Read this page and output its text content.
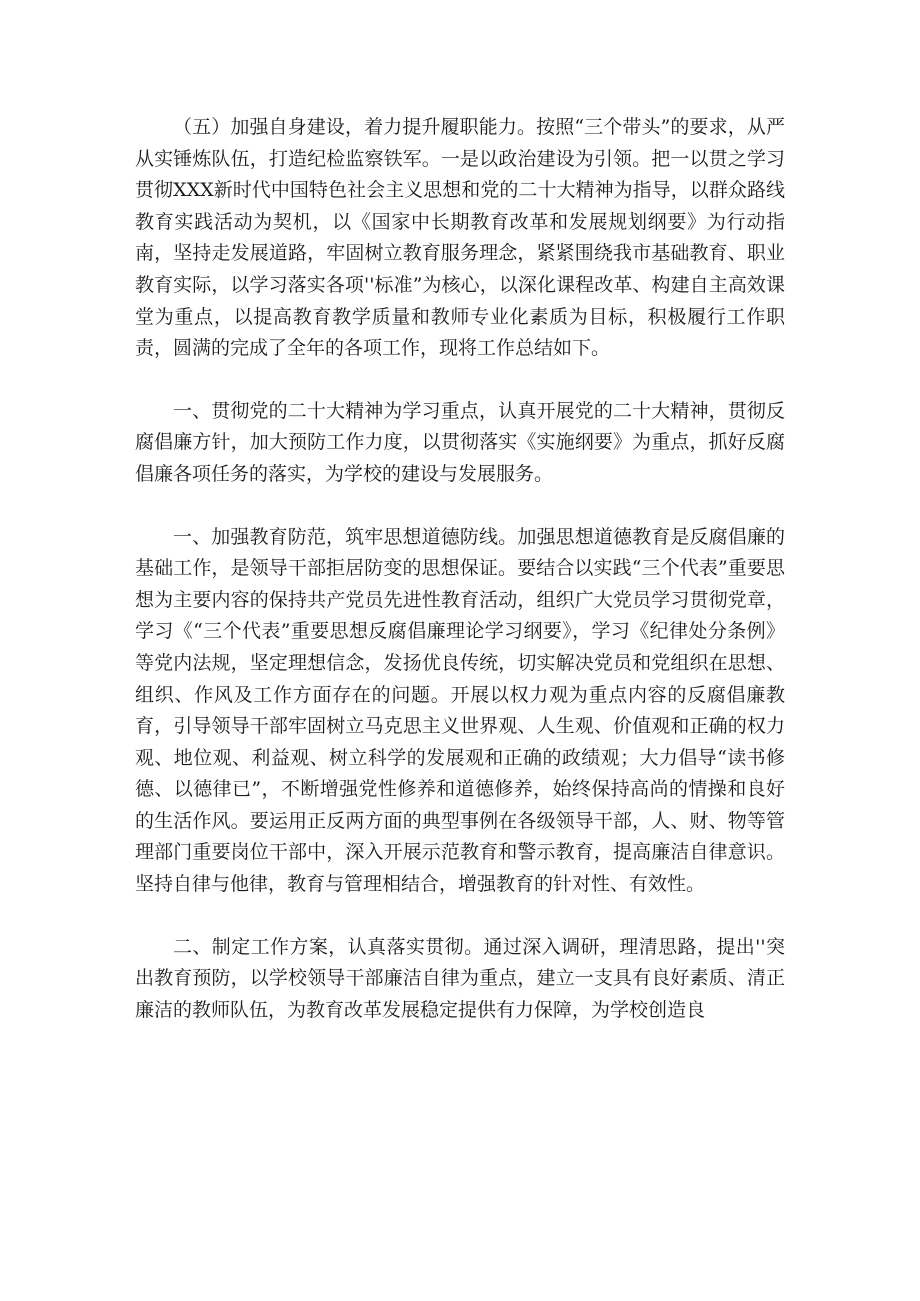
（五）加强自身建设，着力提升履职能力。按照“三个带头”的要求，从严从实锤炼队伍，打造纪检监察铁军。一是以政治建设为引领。把一以贯之学习贯彻XXX新时代中国特色社会主义思想和党的二十大精神为指导，以群众路线教育实践活动为契机，以《国家中长期教育改革和发展规划纲要》为行动指南，坚持走发展道路，牢固树立教育服务理念，紧紧围绕我市基础教育、职业教育实际，以学习落实各项''标准”为核心，以深化课程改革、构建自主高效课堂为重点，以提高教育教学质量和教师专业化素质为目标，积极履行工作职责，圆满的完成了全年的各项工作，现将工作总结如下。

一、贯彻党的二十大精神为学习重点，认真开展党的二十大精神，贯彻反腐倡廉方针，加大预防工作力度，以贯彻落实《实施纲要》为重点，抓好反腐倡廉各项任务的落实，为学校的建设与发展服务。

一、加强教育防范，筑牢思想道德防线。加强思想道德教育是反腐倡廉的基础工作，是领导干部拒居防变的思想保证。要结合以实践“三个代表”重要思想为主要内容的保持共产党员先进性教育活动，组织广大党员学习贯彻党章，学习《“三个代表”重要思想反腐倡廉理论学习纲要》，学习《纪律处分条例》等党内法规，坚定理想信念，发扬优良传统，切实解决党员和党组织在思想、组织、作风及工作方面存在的问题。开展以权力观为重点内容的反腐倡廉教育，引导领导干部牢固树立马克思主义世界观、人生观、价值观和正确的权力观、地位观、利益观、树立科学的发展观和正确的政绩观；大力倡导“读书修德、以德律已”，不断增强党性修养和道德修养，始终保持高尚的情操和良好的生活作风。要运用正反两方面的典型事例在各级领导干部，人、财、物等管理部门重要岗位干部中，深入开展示范教育和警示教育，提高廉洁自律意识。坚持自律与他律，教育与管理相结合，增强教育的针对性、有效性。

二、制定工作方案，认真落实贯彻。通过深入调研，理清思路，提出''突出教育预防，以学校领导干部廉洁自律为重点，建立一支具有良好素质、清正廉洁的教师队伍，为教育改革发展稳定提供有力保障，为学校创造良
